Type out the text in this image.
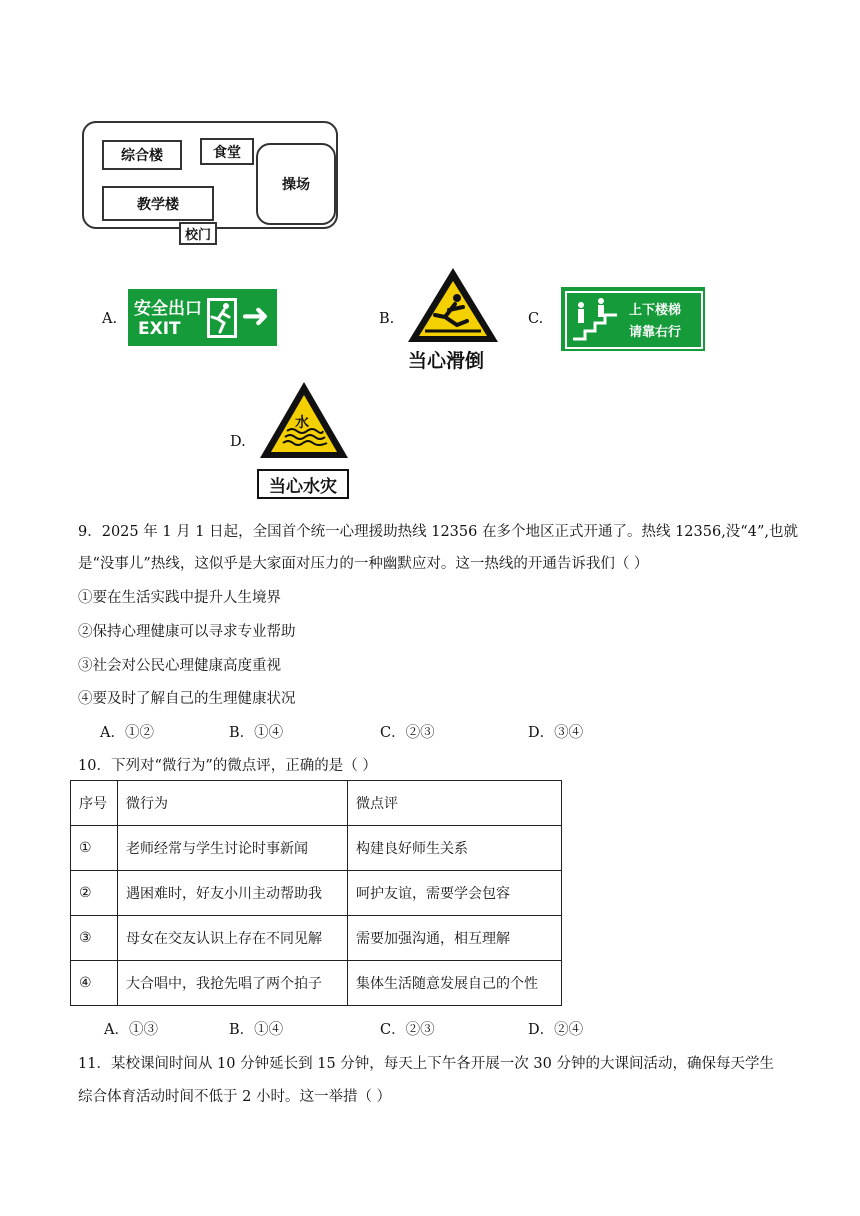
综合楼	食堂
操场
教学楼
校门
A. 安全出口
EXIT ➜	B.
当心滑倒
C.
上下楼梯
请靠右行
D.
水
当心水灾
9．2025 年 1 月 1 日起，全国首个统一心理援助热线 12356 在多个地区正式开通了。热线 12356,没“4”,也就
是“没事儿”热线，这似乎是大家面对压力的一种幽默应对。这一热线的开通告诉我们（ ）
①要在生活实践中提升人生境界
②保持心理健康可以寻求专业帮助
③社会对公民心理健康高度重视
④要及时了解自己的生理健康状况
A．①②	B．①④	C．②③	D．③④
10．下列对“微行为”的微点评，正确的是（ ）
序号	微行为	微点评
①	老师经常与学生讨论时事新闻	构建良好师生关系
②	遇困难时，好友小川主动帮助我	呵护友谊，需要学会包容
③	母女在交友认识上存在不同见解	需要加强沟通，相互理解
④	大合唱中，我抢先唱了两个拍子	集体生活随意发展自己的个性
A．①③	B．①④	C．②③	D．②④
11．某校课间时间从 10 分钟延长到 15 分钟，每天上下午各开展一次 30 分钟的大课间活动，确保每天学生
综合体育活动时间不低于 2 小时。这一举措（ ）
